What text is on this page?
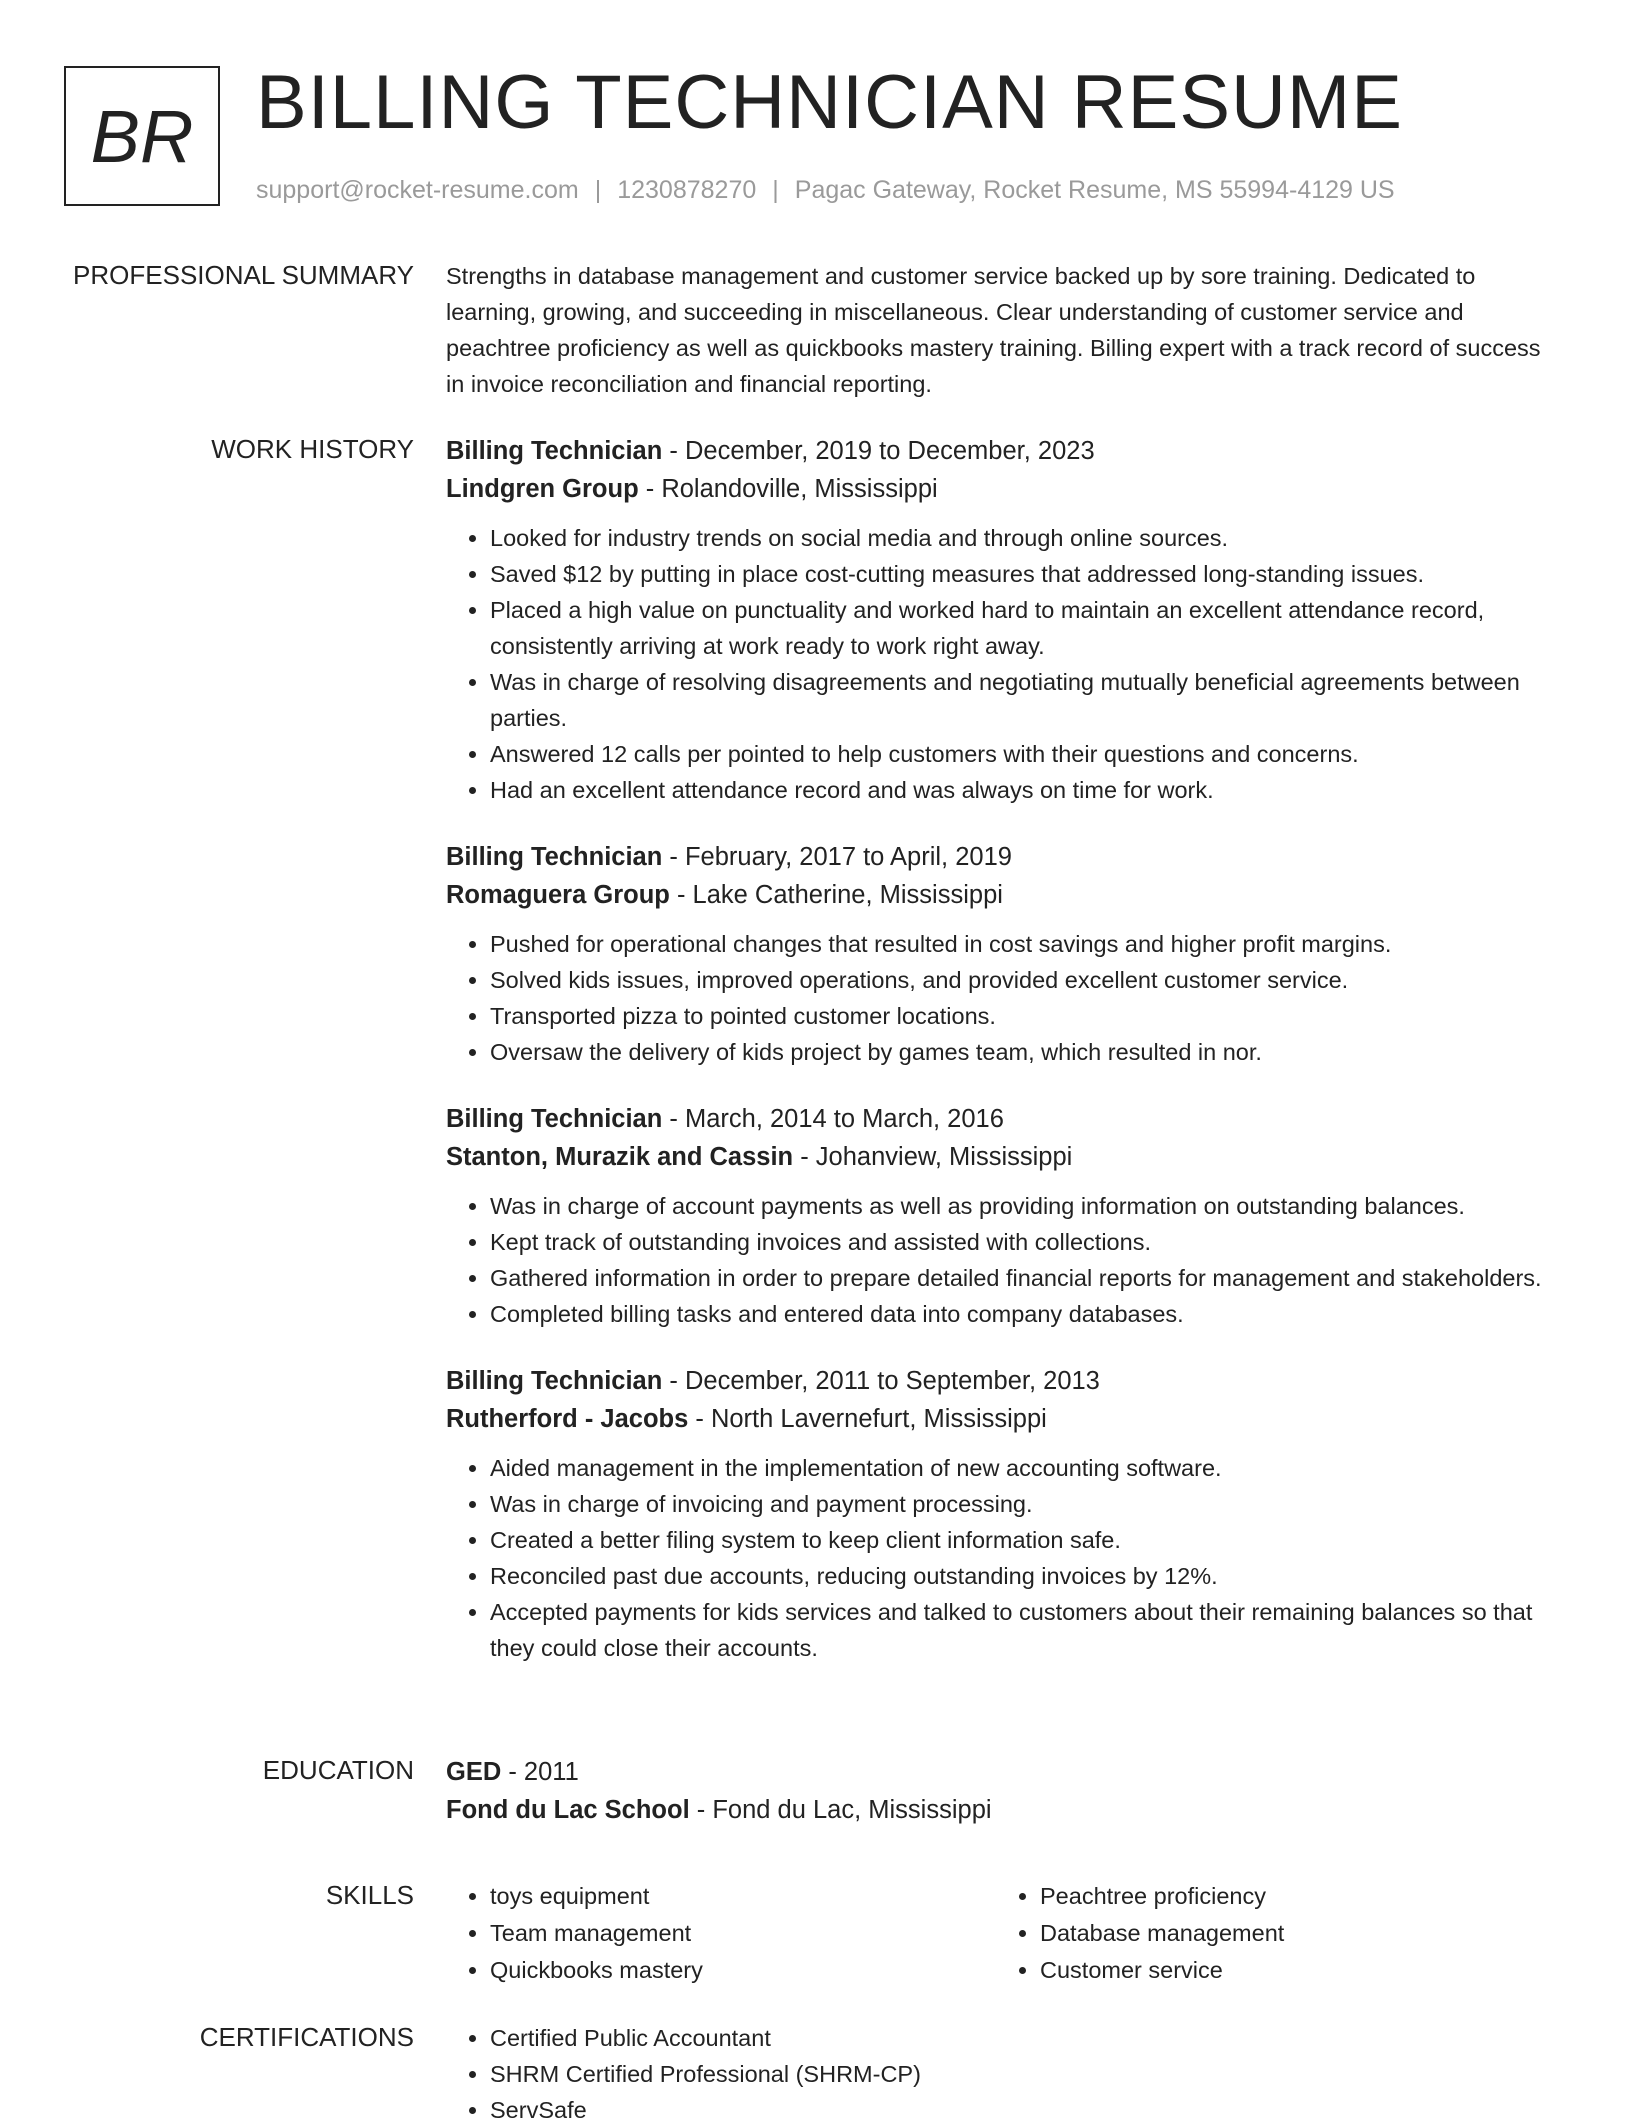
BR BILLING TECHNICIAN RESUME
support@rocket-resume.com | 1230878270 | Pagac Gateway, Rocket Resume, MS 55994-4129 US
PROFESSIONAL SUMMARY Strengths in database management and customer service backed up by sore training. Dedicated to learning, growing, and succeeding in miscellaneous. Clear understanding of customer service and peachtree proficiency as well as quickbooks mastery training. Billing expert with a track record of success in invoice reconciliation and financial reporting.

WORK HISTORY Billing Technician - December, 2019 to December, 2023
Lindgren Group - Rolandoville, Mississippi
• Looked for industry trends on social media and through online sources.
• Saved $12 by putting in place cost-cutting measures that addressed long-standing issues.
• Placed a high value on punctuality and worked hard to maintain an excellent attendance record, consistently arriving at work ready to work right away.
• Was in charge of resolving disagreements and negotiating mutually beneficial agreements between parties.
• Answered 12 calls per pointed to help customers with their questions and concerns.
• Had an excellent attendance record and was always on time for work.
Billing Technician - February, 2017 to April, 2019
Romaguera Group - Lake Catherine, Mississippi
• Pushed for operational changes that resulted in cost savings and higher profit margins.
• Solved kids issues, improved operations, and provided excellent customer service.
• Transported pizza to pointed customer locations.
• Oversaw the delivery of kids project by games team, which resulted in nor.
Billing Technician - March, 2014 to March, 2016
Stanton, Murazik and Cassin - Johanview, Mississippi
• Was in charge of account payments as well as providing information on outstanding balances.
• Kept track of outstanding invoices and assisted with collections.
• Gathered information in order to prepare detailed financial reports for management and stakeholders.
• Completed billing tasks and entered data into company databases.
Billing Technician - December, 2011 to September, 2013
Rutherford - Jacobs - North Lavernefurt, Mississippi
• Aided management in the implementation of new accounting software.
• Was in charge of invoicing and payment processing.
• Created a better filing system to keep client information safe.
• Reconciled past due accounts, reducing outstanding invoices by 12%.
• Accepted payments for kids services and talked to customers about their remaining balances so that they could close their accounts.
EDUCATION GED - 2011
Fond du Lac School - Fond du Lac, Mississippi
SKILLS	• toys equipment
• Team management
• Quickbooks mastery
• Peachtree proficiency
• Database management
• Customer service
CERTIFICATIONS	• Certified Public Accountant
• SHRM Certified Professional (SHRM-CP)
• ServSafe
